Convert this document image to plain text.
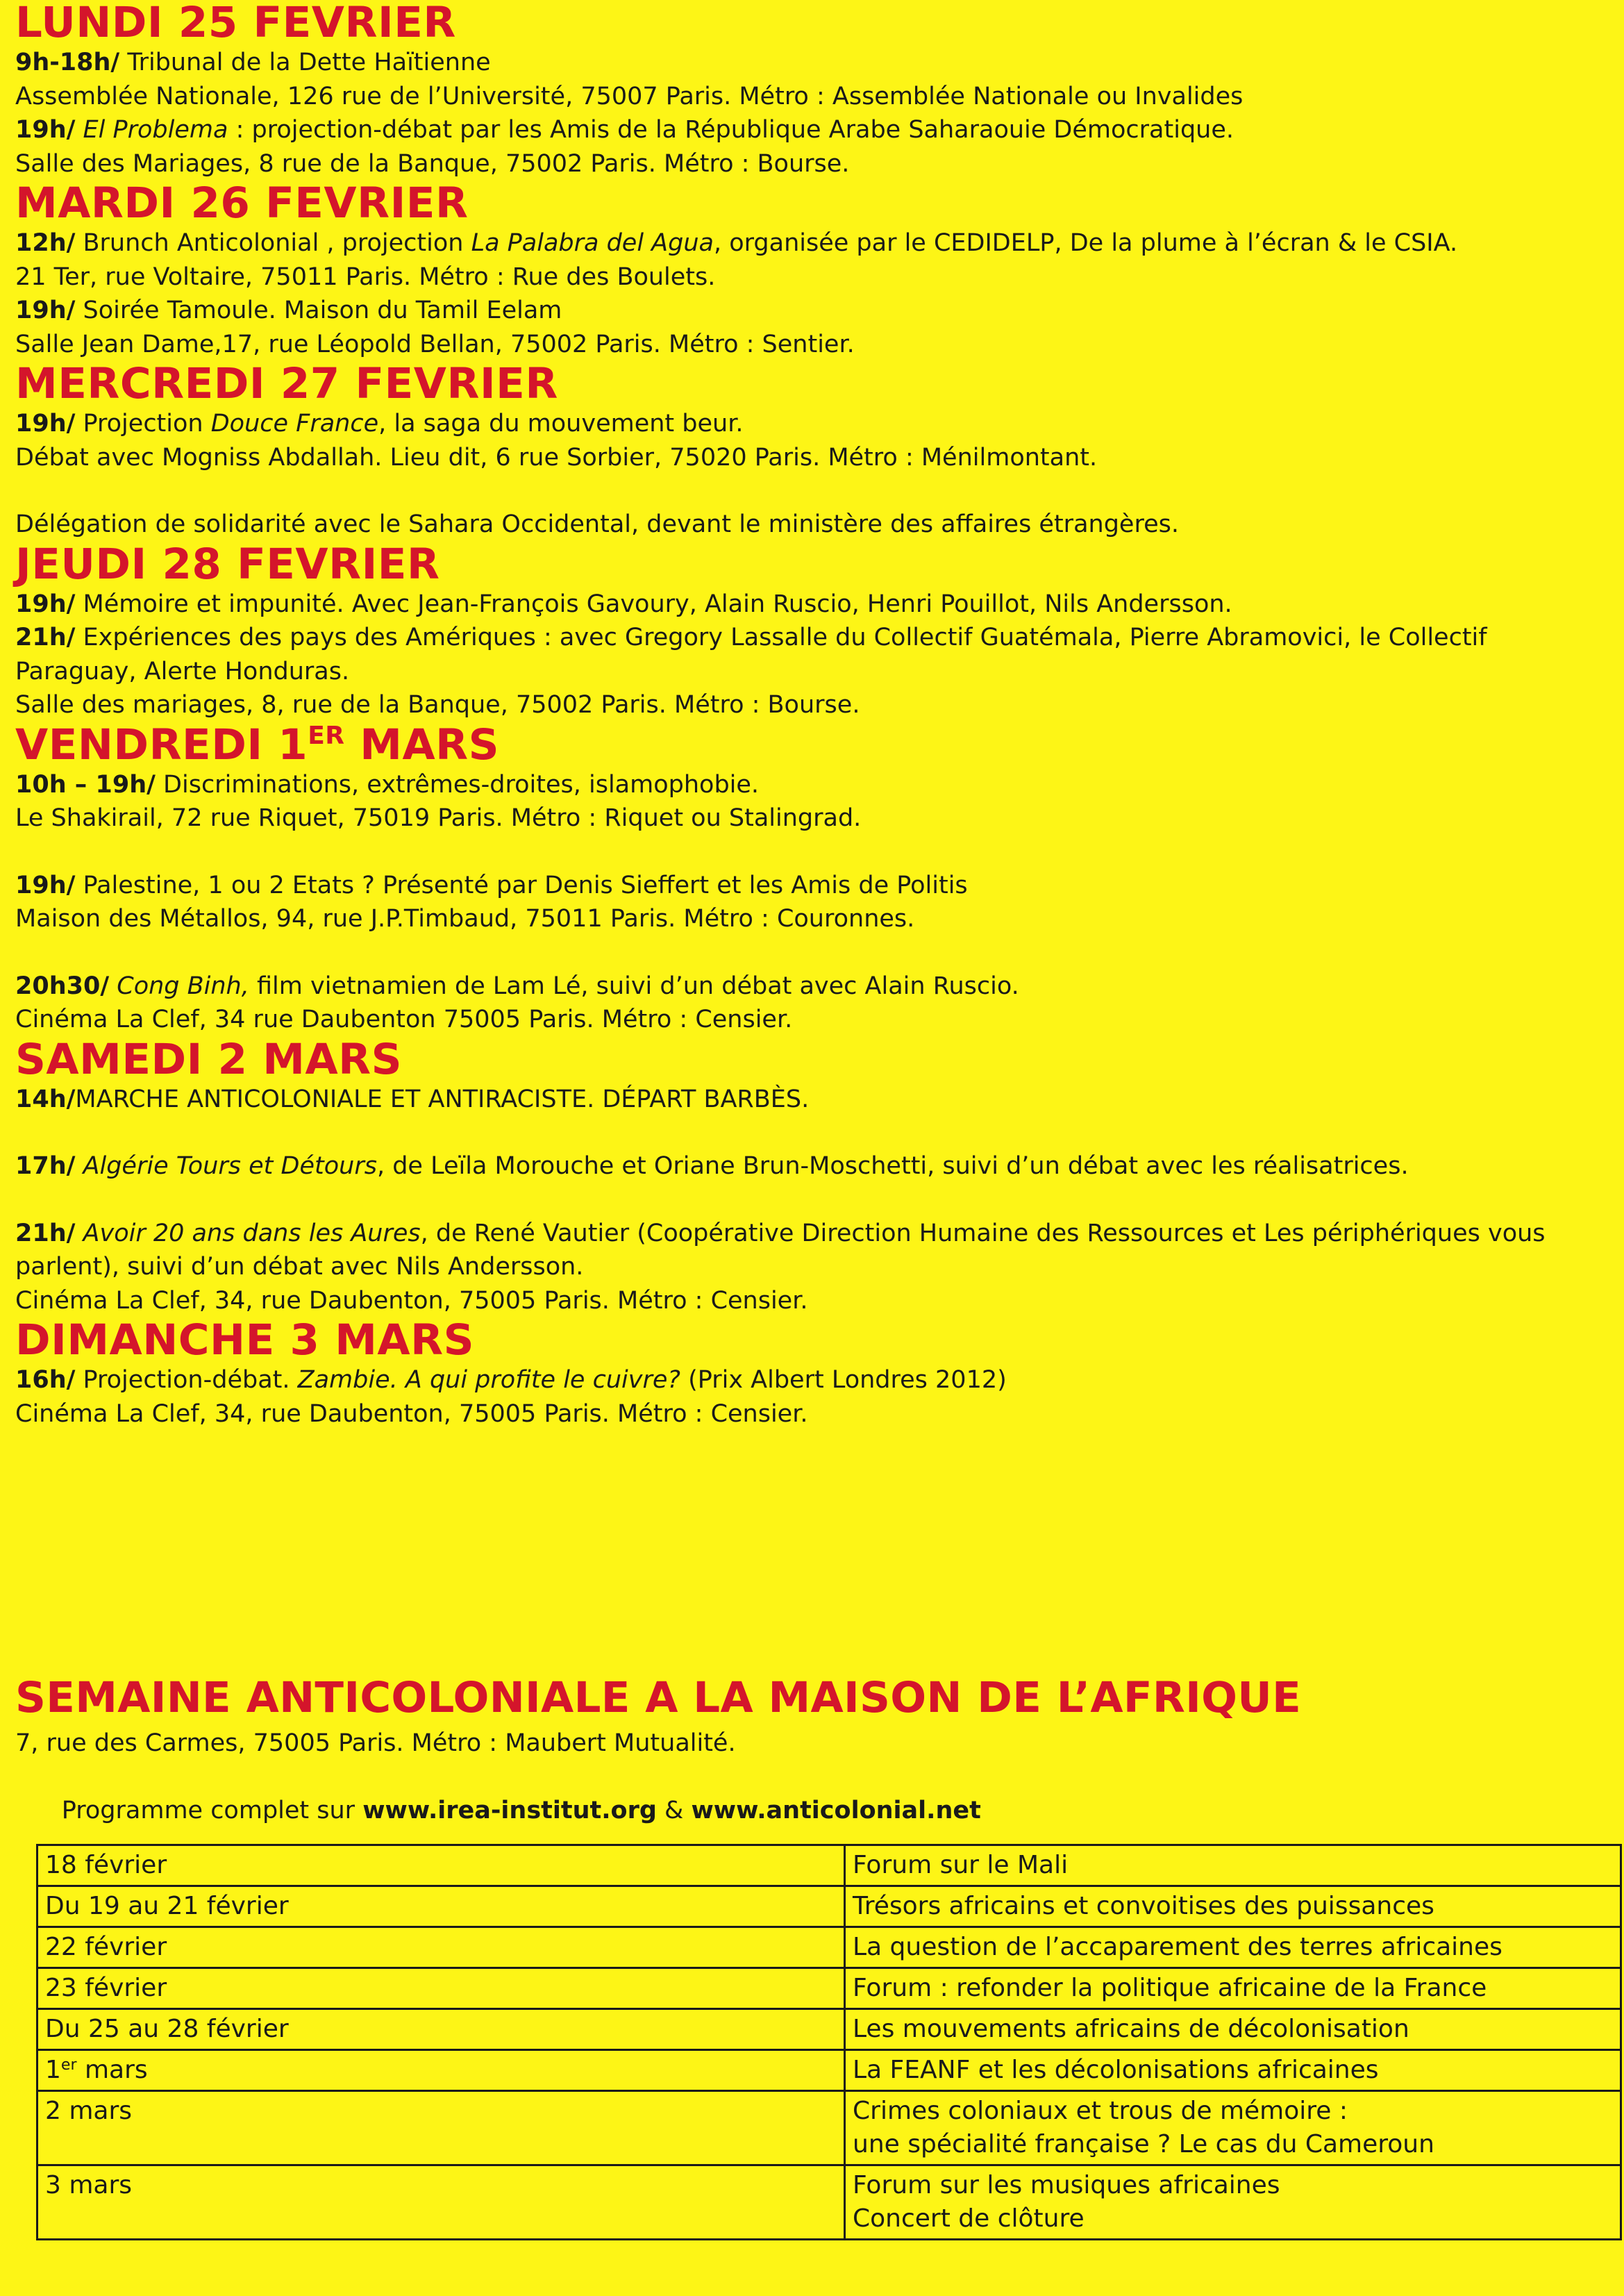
LUNDI 25 FEVRIER

9h-18h/ Tribunal de la Dette Haïtienne

Assemblée Nationale, 126 rue de l’Université, 75007 Paris. Métro : Assemblée Nationale ou Invalides

19h/ El Problema : projection-débat par les Amis de la République Arabe Saharaouie Démocratique.

Salle des Mariages, 8 rue de la Banque, 75002 Paris. Métro : Bourse.

MARDI 26 FEVRIER

12h/ Brunch Anticolonial , projection La Palabra del Agua, organisée par le CEDIDELP, De la plume à l’écran & le CSIA.

21 Ter, rue Voltaire, 75011 Paris. Métro : Rue des Boulets.

19h/ Soirée Tamoule. Maison du Tamil Eelam

Salle Jean Dame,17, rue Léopold Bellan, 75002 Paris. Métro : Sentier.

MERCREDI 27 FEVRIER

19h/ Projection Douce France, la saga du mouvement beur.

Débat avec Mogniss Abdallah. Lieu dit, 6 rue Sorbier, 75020 Paris. Métro : Ménilmontant.

Délégation de solidarité avec le Sahara Occidental, devant le ministère des affaires étrangères.

JEUDI 28 FEVRIER

19h/ Mémoire et impunité. Avec Jean-François Gavoury, Alain Ruscio, Henri Pouillot, Nils Andersson.

21h/ Expériences des pays des Amériques : avec Gregory Lassalle du Collectif Guatémala, Pierre Abramovici, le Collectif

Paraguay, Alerte Honduras.

Salle des mariages, 8, rue de la Banque, 75002 Paris. Métro : Bourse.

VENDREDI 1ER MARS

10h – 19h/ Discriminations, extrêmes-droites, islamophobie.

Le Shakirail, 72 rue Riquet, 75019 Paris. Métro : Riquet ou Stalingrad.

19h/ Palestine, 1 ou 2 Etats ? Présenté par Denis Sieffert et les Amis de Politis

Maison des Métallos, 94, rue J.P.Timbaud, 75011 Paris. Métro : Couronnes.

20h30/ Cong Binh, film vietnamien de Lam Lé, suivi d’un débat avec Alain Ruscio.

Cinéma La Clef, 34 rue Daubenton 75005 Paris. Métro : Censier.

SAMEDI 2 MARS

14h/MARCHE ANTICOLONIALE ET ANTIRACISTE. DÉPART BARBÈS.

17h/ Algérie Tours et Détours, de Leïla Morouche et Oriane Brun-Moschetti, suivi d’un débat avec les réalisatrices.

21h/ Avoir 20 ans dans les Aures, de René Vautier (Coopérative Direction Humaine des Ressources et Les périphériques vous

parlent), suivi d’un débat avec Nils Andersson.

Cinéma La Clef, 34, rue Daubenton, 75005 Paris. Métro : Censier.

DIMANCHE 3 MARS

16h/ Projection-débat. Zambie. A qui profite le cuivre? (Prix Albert Londres 2012)

Cinéma La Clef, 34, rue Daubenton, 75005 Paris. Métro : Censier.

SEMAINE ANTICOLONIALE A LA MAISON DE L’AFRIQUE

7, rue des Carmes, 75005 Paris. Métro : Maubert Mutualité.

Programme complet sur www.irea-institut.org & www.anticolonial.net

18 février	Forum sur le Mali

Du 19 au 21 février	Trésors africains et convoitises des puissances

22 février	La question de l’accaparement des terres africaines

23 février	Forum : refonder la politique africaine de la France

Du 25 au 28 février	Les mouvements africains de décolonisation

1er mars	La FEANF et les décolonisations africaines

2 mars	Crimes coloniaux et trous de mémoire :
une spécialité française ? Le cas du Cameroun

3 mars	Forum sur les musiques africaines
Concert de clôture
